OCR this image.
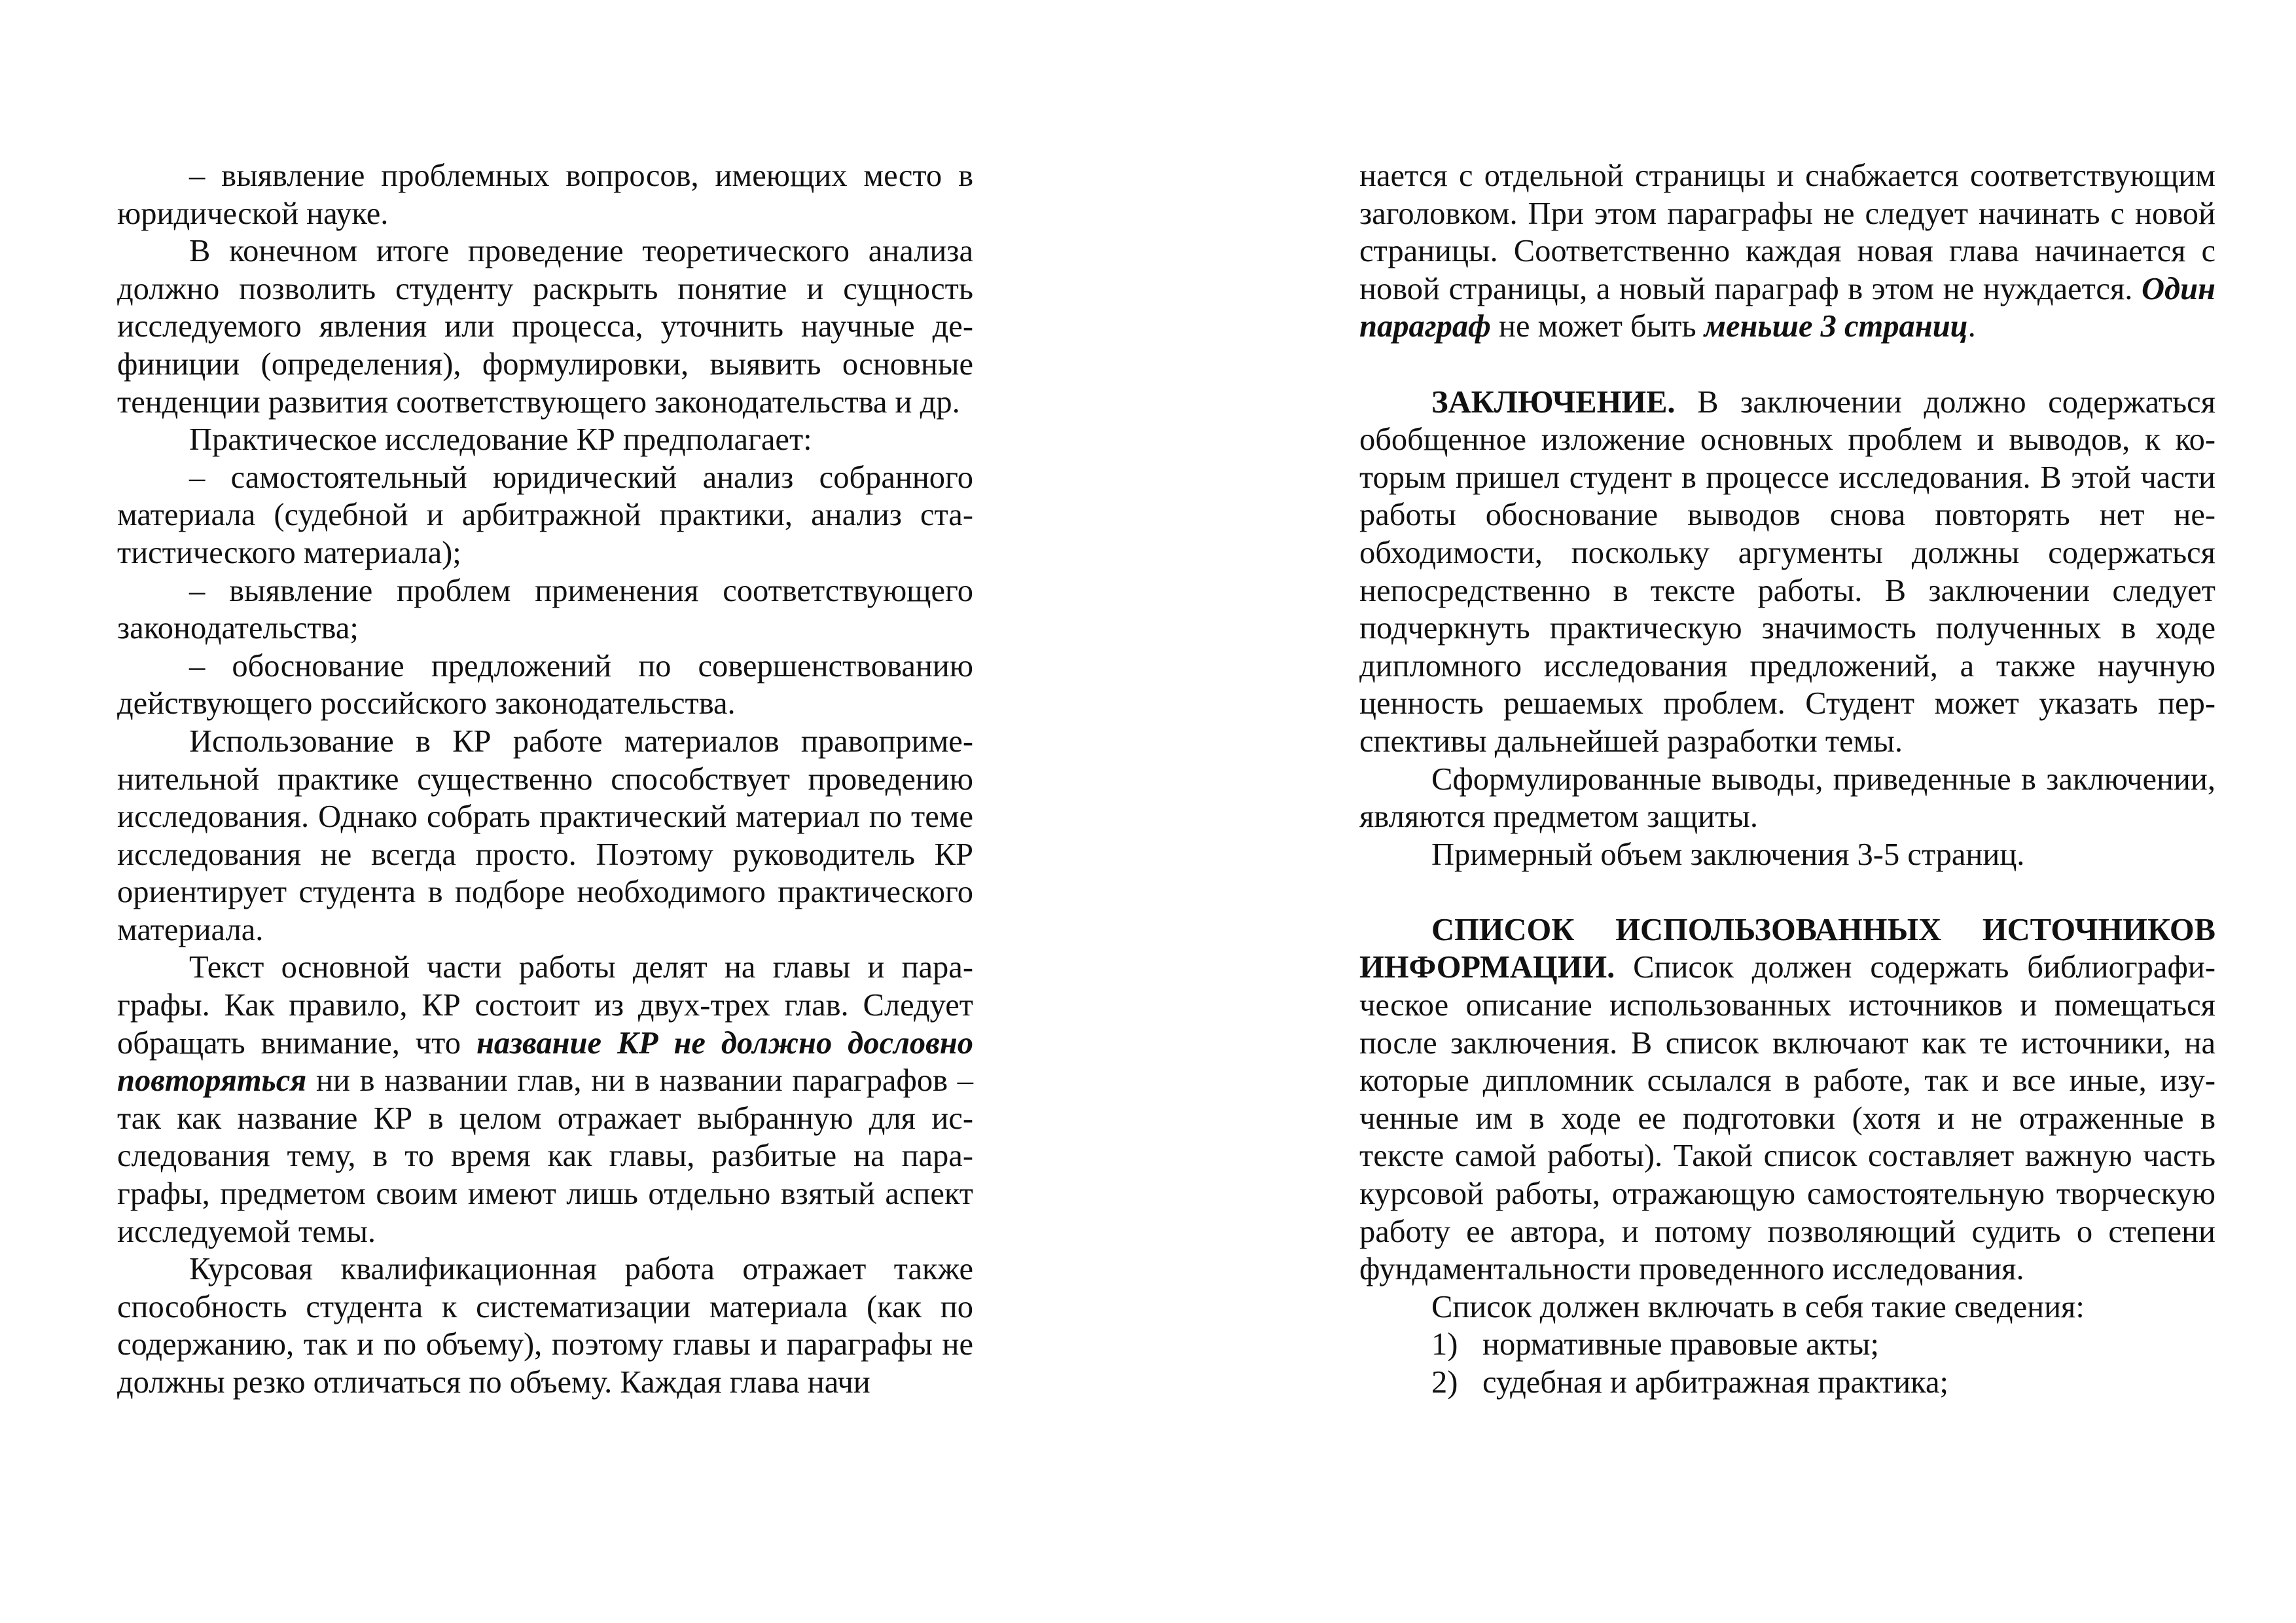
– выявление проблемных вопросов, имеющих место в юридической науке.

В конечном итоге проведение теоретического анализа должно позволить студенту раскрыть понятие и сущность исследуемого явления или процесса, уточнить научные дефиниции (определения), формулировки, выявить основные тенденции развития соответствующего законодательства и др.

Практическое исследование КР предполагает:

– самостоятельный юридический анализ собранного материала (судебной и арбитражной практики, анализ статистического материала);

– выявление проблем применения соответствующего законодательства;

– обоснование предложений по совершенствованию действующего российского законодательства.

Использование в КР работе материалов правоприменительной практике существенно способствует проведению исследования. Однако собрать практический материал по теме исследования не всегда просто. Поэтому руководитель КР ориентирует студента в подборе необходимого практического материала.

Текст основной части работы делят на главы и параграфы. Как правило, КР состоит из двух-трех глав. Следует обращать внимание, что название КР не должно дословно повторяться ни в названии глав, ни в названии параграфов – так как название КР в целом отражает выбранную для исследования тему, в то время как главы, разбитые на параграфы, предметом своим имеют лишь отдельно взятый аспект исследуемой темы.

Курсовая квалификационная работа отражает также способность студента к систематизации материала (как по содержанию, так и по объему), поэтому главы и параграфы не должны резко отличаться по объему. Каждая глава начи

нается с отдельной страницы и снабжается соответствующим заголовком. При этом параграфы не следует начинать с новой страницы. Соответственно каждая новая глава начинается с новой страницы, а новый параграф в этом не нуждается. Один параграф не может быть меньше 3 страниц.

ЗАКЛЮЧЕНИЕ. В заключении должно содержаться обобщенное изложение основных проблем и выводов, к которым пришел студент в процессе исследования. В этой части работы обоснование выводов снова повторять нет необходимости, поскольку аргументы должны содержаться непосредственно в тексте работы. В заключении следует подчеркнуть практическую значимость полученных в ходе дипломного исследования предложений, а также научную ценность решаемых проблем. Студент может указать перспективы дальнейшей разработки темы.

Сформулированные выводы, приведенные в заключении, являются предметом защиты.

Примерный объем заключения 3-5 страниц.

СПИСОК ИСПОЛЬЗОВАННЫХ ИСТОЧНИКОВ ИНФОРМАЦИИ. Список должен содержать библиографическое описание использованных источников и помещаться после заключения. В список включают как те источники, на которые дипломник ссылался в работе, так и все иные, изученные им в ходе ее подготовки (хотя и не отраженные в тексте самой работы). Такой список составляет важную часть курсовой работы, отражающую самостоятельную творческую работу ее автора, и потому позволяющий судить о степени фундаментальности проведенного исследования.

Список должен включать в себя такие сведения:

1) нормативные правовые акты;
2) судебная и арбитражная практика;
